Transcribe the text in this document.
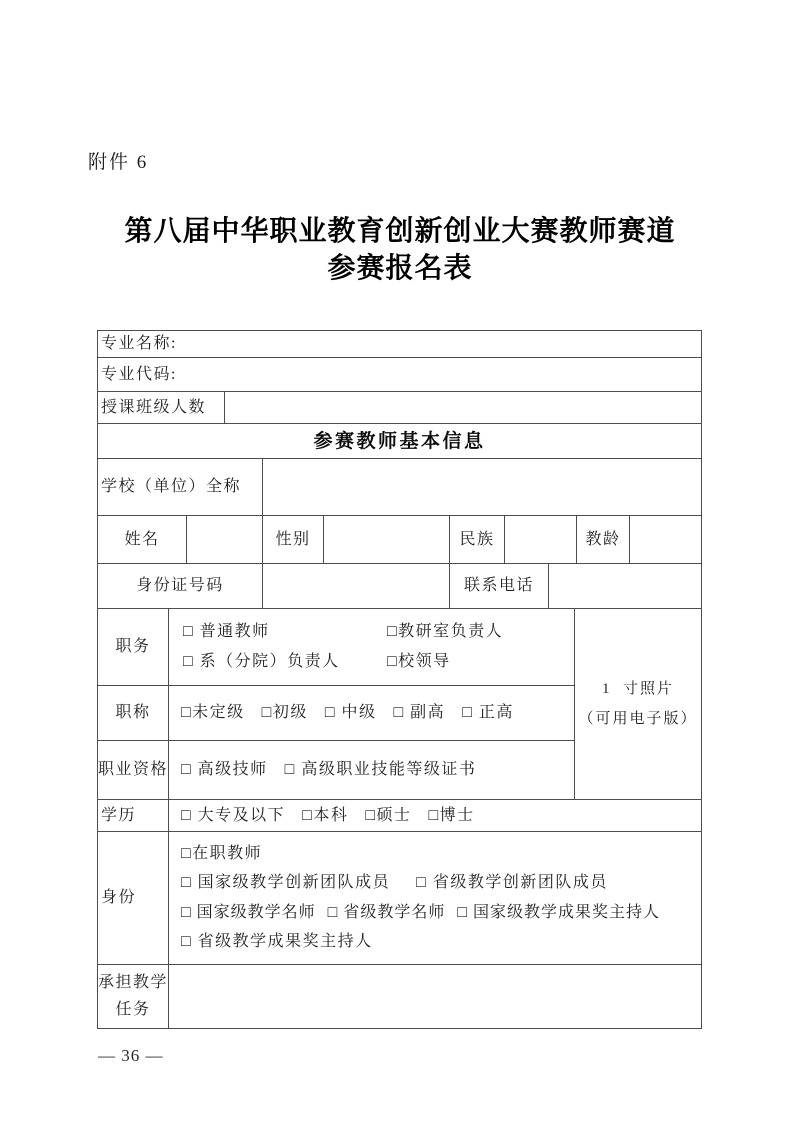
附件 6
第八届中华职业教育创新创业大赛教师赛道
参赛报名表
专业名称:
专业代码:
授课班级人数
参赛教师基本信息
学校（单位）全称
姓名	性别	民族	教龄
身份证号码	联系电话
职务
□ 普通教师	□教研室负责人
□ 系（分院）负责人	□校领导
职称 □未定级 □初级 □ 中级 □ 副高 □ 正高
职业资格 □ 高级技师 □ 高级职业技能等级证书
1  寸照片
（可用电子版）
学历	□ 大专及以下 □本科 □硕士 □博士
身份
□在职教师
□ 国家级教学创新团队成员 □ 省级教学创新团队成员
□ 国家级教学名师 □ 省级教学名师 □ 国家级教学成果奖主持人
□ 省级教学成果奖主持人
承担教学
任务
— 36 —
